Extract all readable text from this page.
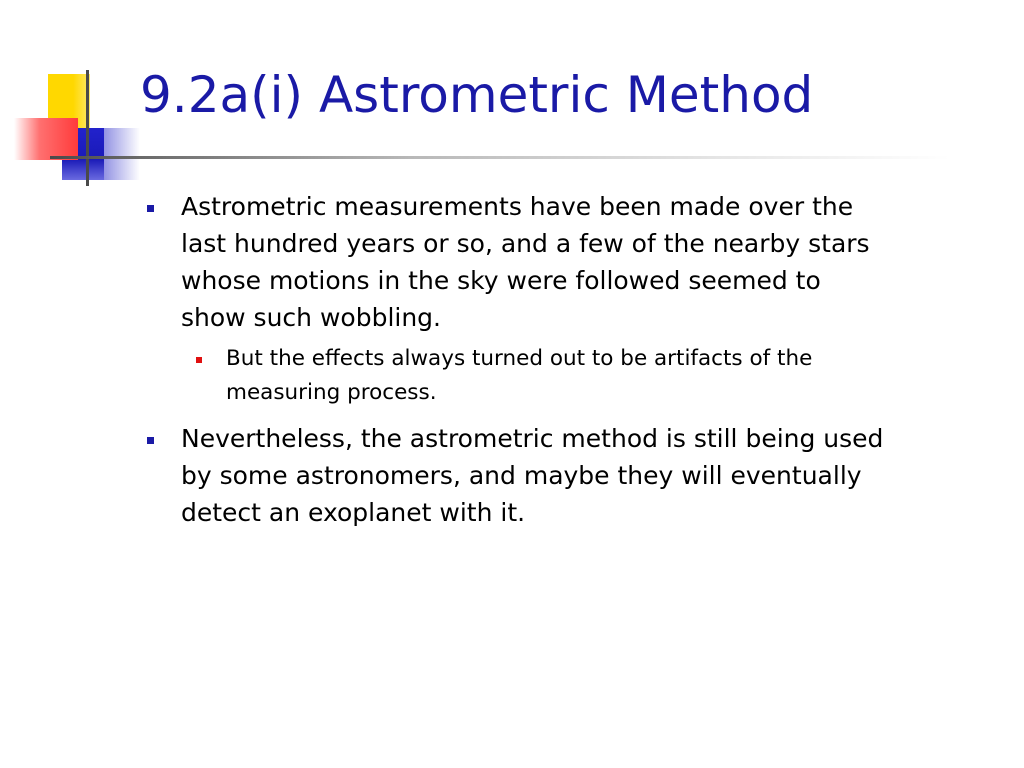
9.2a(i) Astrometric Method

Astrometric measurements have been made over the last hundred years or so, and a few of the nearby stars whose motions in the sky were followed seemed to show such wobbling.

But the effects always turned out to be artifacts of the measuring process.

Nevertheless, the astrometric method is still being used by some astronomers, and maybe they will eventually detect an exoplanet with it.
